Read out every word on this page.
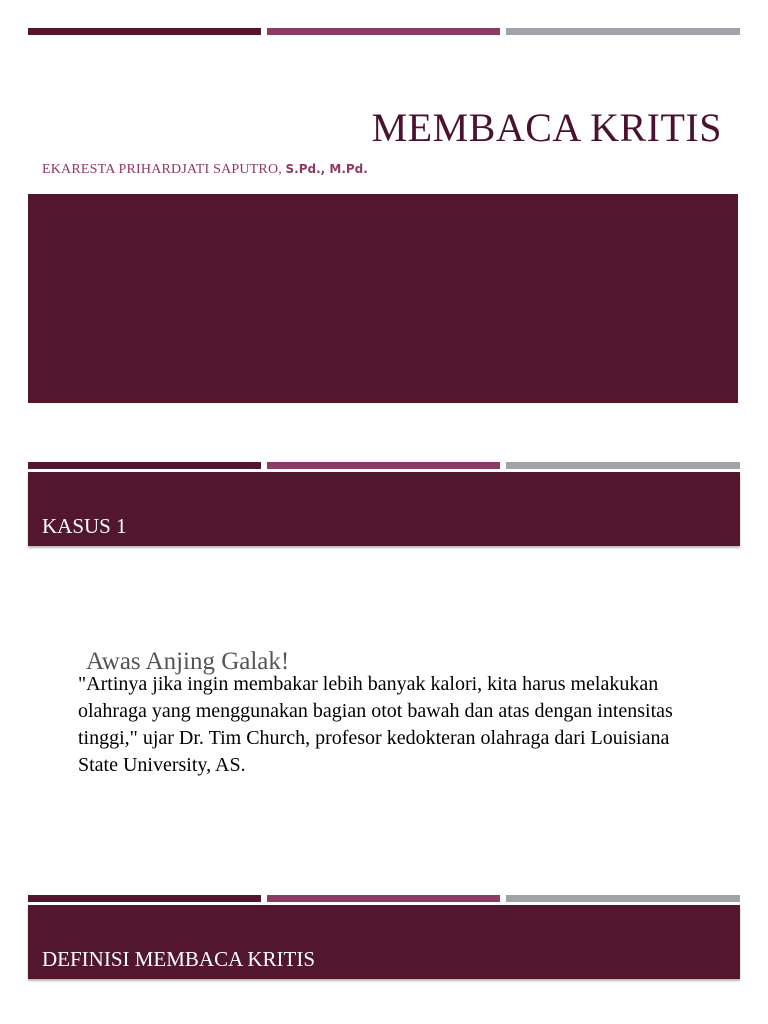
MEMBACA KRITIS

EKARESTA PRIHARDJATI SAPUTRO, S.Pd., M.Pd.

KASUS 1

Awas Anjing Galak!

"Artinya jika ingin membakar lebih banyak kalori, kita harus melakukan olahraga yang menggunakan bagian otot bawah dan atas dengan intensitas tinggi," ujar Dr. Tim Church, profesor kedokteran olahraga dari Louisiana State University, AS.

DEFINISI MEMBACA KRITIS
